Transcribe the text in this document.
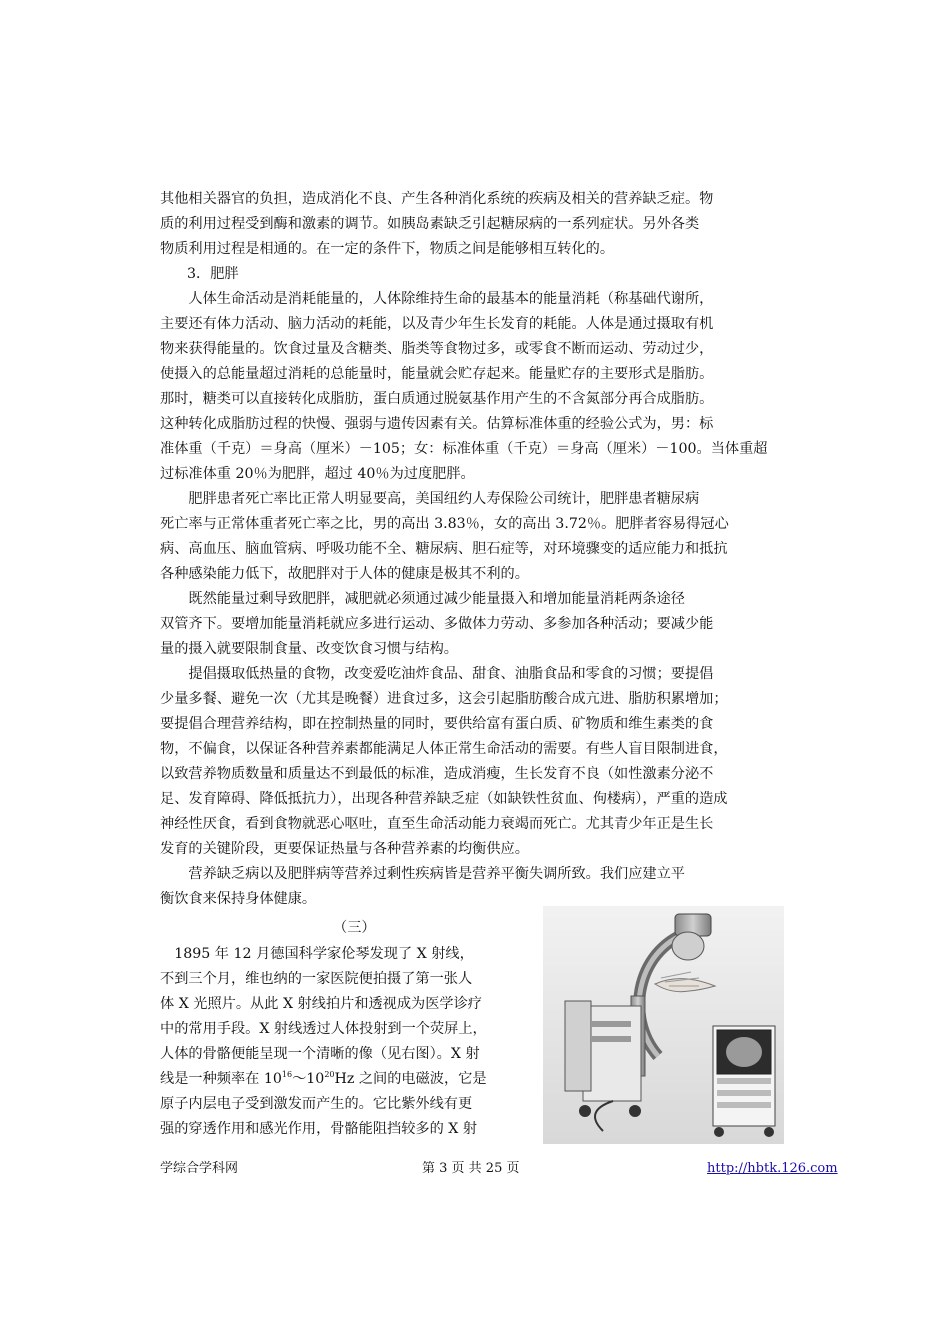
其他相关器官的负担，造成消化不良、产生各种消化系统的疾病及相关的营养缺乏症。物
质的利用过程受到酶和激素的调节。如胰岛素缺乏引起糖尿病的一系列症状。另外各类
物质利用过程是相通的。在一定的条件下，物质之间是能够相互转化的。
3．肥胖
　　人体生命活动是消耗能量的，人体除维持生命的最基本的能量消耗（称基础代谢所，
主要还有体力活动、脑力活动的耗能，以及青少年生长发育的耗能。人体是通过摄取有机
物来获得能量的。饮食过量及含糖类、脂类等食物过多，或零食不断而运动、劳动过少，
使摄入的总能量超过消耗的总能量时，能量就会贮存起来。能量贮存的主要形式是脂肪。
那时，糖类可以直接转化成脂肪，蛋白质通过脱氨基作用产生的不含氮部分再合成脂肪。
这种转化成脂肪过程的快慢、强弱与遗传因素有关。估算标准体重的经验公式为，男：标
准体重（千克）＝身高（厘米）－105；女：标准体重（千克）＝身高（厘米）－100。当体重超
过标准体重 20％为肥胖，超过 40％为过度肥胖。
　　肥胖患者死亡率比正常人明显要高，美国纽约人寿保险公司统计，肥胖患者糖尿病
死亡率与正常体重者死亡率之比，男的高出 3.83％，女的高出 3.72％。肥胖者容易得冠心
病、高血压、脑血管病、呼吸功能不全、糖尿病、胆石症等，对环境骤变的适应能力和抵抗
各种感染能力低下，故肥胖对于人体的健康是极其不利的。
　　既然能量过剩导致肥胖，减肥就必须通过减少能量摄入和增加能量消耗两条途径
双管齐下。要增加能量消耗就应多进行运动、多做体力劳动、多参加各种活动；要减少能
量的摄入就要限制食量、改变饮食习惯与结构。
　　提倡摄取低热量的食物，改变爱吃油炸食品、甜食、油脂食品和零食的习惯；要提倡
少量多餐、避免一次（尤其是晚餐）进食过多，这会引起脂肪酸合成亢进、脂肪积累增加；
要提倡合理营养结构，即在控制热量的同时，要供给富有蛋白质、矿物质和维生素类的食
物，不偏食，以保证各种营养素都能满足人体正常生命活动的需要。有些人盲目限制进食，
以致营养物质数量和质量达不到最低的标准，造成消瘦，生长发育不良（如性激素分泌不
足、发育障碍、降低抵抗力），出现各种营养缺乏症（如缺铁性贫血、佝楼病），严重的造成
神经性厌食，看到食物就恶心呕吐，直至生命活动能力衰竭而死亡。尤其青少年正是生长
发育的关键阶段，更要保证热量与各种营养素的均衡供应。
　　营养缺乏病以及肥胖病等营养过剩性疾病皆是营养平衡失调所致。我们应建立平
衡饮食来保持身体健康。
（三）
　1895 年 12 月德国科学家伦琴发现了 X 射线，
不到三个月，维也纳的一家医院便拍摄了第一张人
体 X 光照片。从此 X 射线拍片和透视成为医学诊疗
中的常用手段。X 射线透过人体投射到一个荧屏上，
人体的骨骼便能呈现一个清晰的像（见右图）。X 射
线是一种频率在 $10^{16}\sim 10^{20}Hz$ 之间的电磁波，它是
原子内层电子受到激发而产生的。它比紫外线有更
强的穿透作用和感光作用，骨骼能阻挡较多的 X 射
学综合学科网	第 3 页 共 25 页	http://hbtk.126.com
